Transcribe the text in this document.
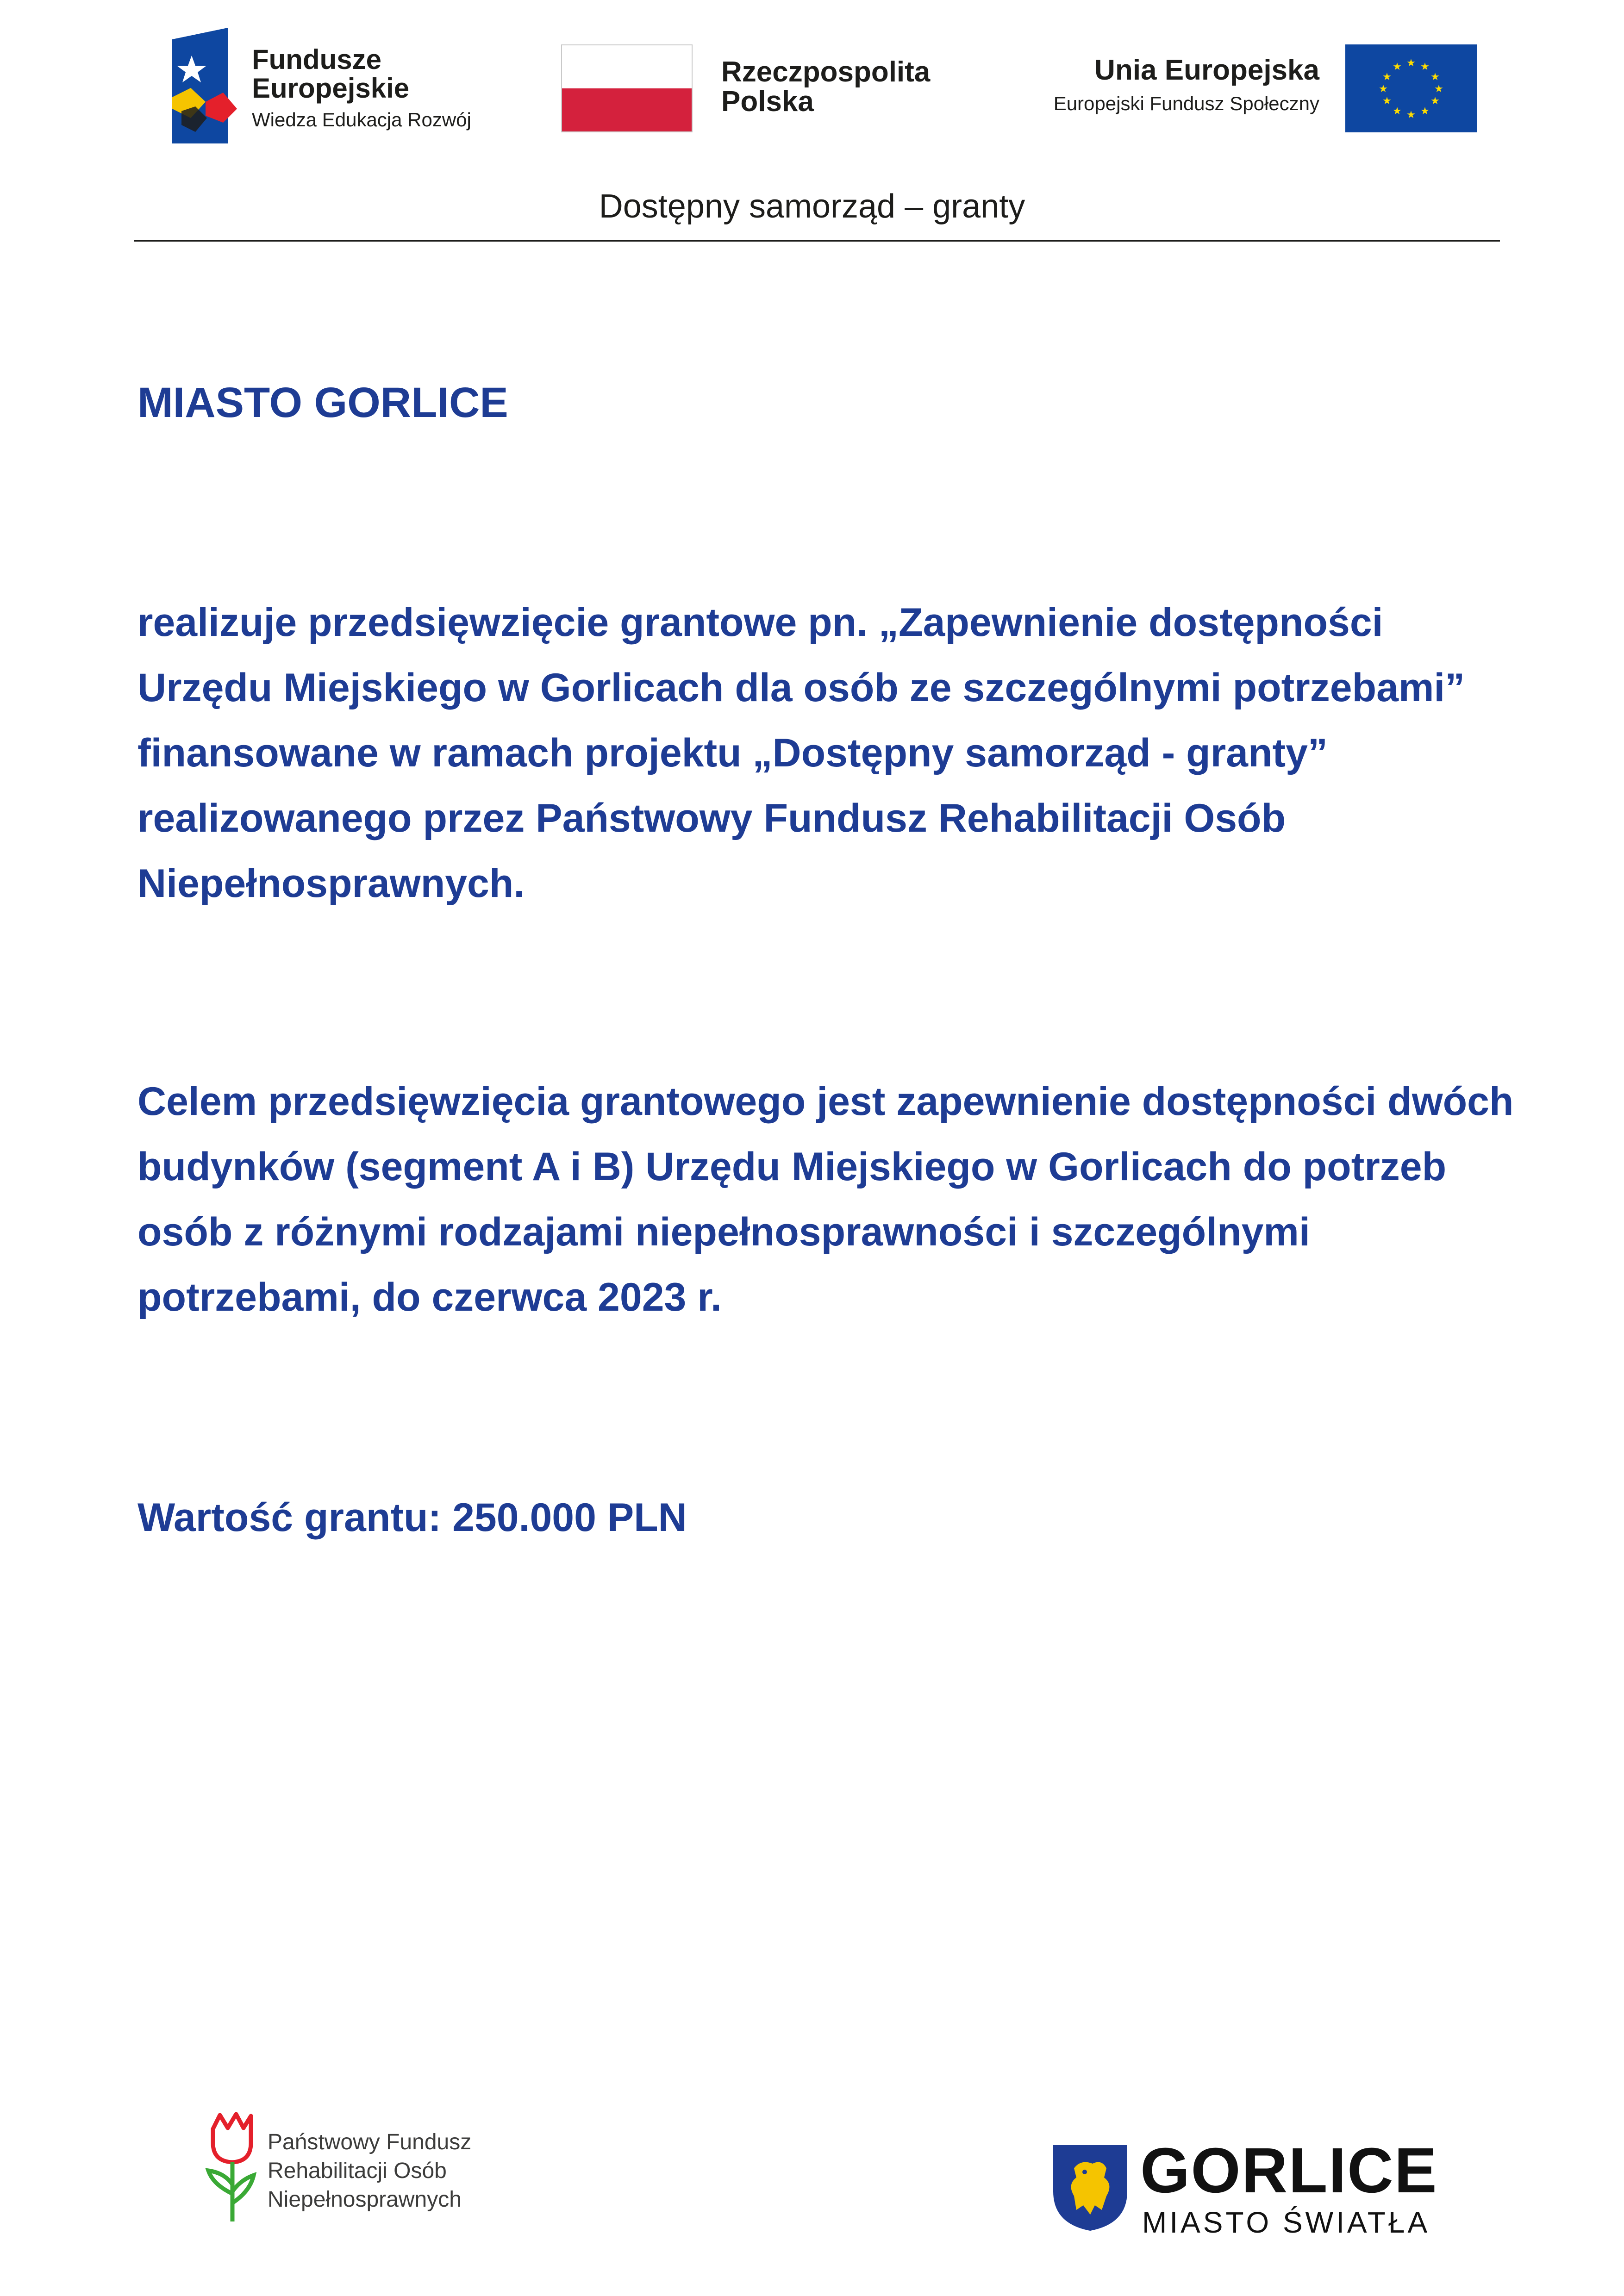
Fundusze
Europejskie
Wiedza Edukacja Rozwój
Rzeczpospolita
Polska
Unia Europejska
Europejski Fundusz Społeczny
★ ★
★
★
★
★
★
★
★
★
★
★
Dostępny samorząd – granty
MIASTO GORLICE

realizuje przedsięwzięcie grantowe pn. „Zapewnienie dostępności Urzędu Miejskiego w Gorlicach dla osób ze szczególnymi potrzebami” finansowane w ramach projektu „Dostępny samorząd - granty” realizowanego przez Państwowy Fundusz Rehabilitacji Osób Niepełnosprawnych.

Celem przedsięwzięcia grantowego jest zapewnienie dostępności dwóch budynków (segment A i B) Urzędu Miejskiego w Gorlicach do potrzeb osób z różnymi rodzajami niepełnosprawności i szczególnymi potrzebami, do czerwca 2023 r.

Wartość grantu: 250.000 PLN
Państwowy Fundusz
Rehabilitacji Osób
Niepełnosprawnych	GORLICE
MIASTO ŚWIATŁA
